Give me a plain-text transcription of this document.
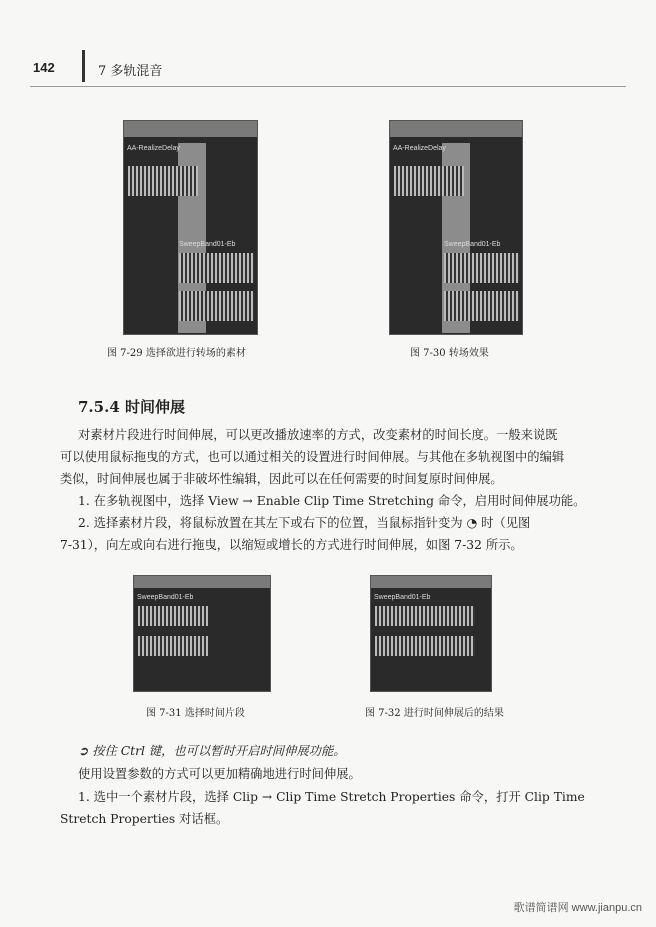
142	7 多轨混音
AA-RealizeDelay
SweepBand01-Eb
图 7-29 选择欲进行转场的素材
AA-RealizeDelay
SweepBand01-Eb
图 7-30 转场效果
7.5.4 时间伸展
对素材片段进行时间伸展，可以更改播放速率的方式，改变素材的时间长度。一般来说既
可以使用鼠标拖曳的方式，也可以通过相关的设置进行时间伸展。与其他在多轨视图中的编辑
类似，时间伸展也属于非破坏性编辑，因此可以在任何需要的时间复原时间伸展。
1. 在多轨视图中，选择 View → Enable Clip Time Stretching 命令，启用时间伸展功能。
2. 选择素材片段，将鼠标放置在其左下或右下的位置，当鼠标指针变为 ◔ 时（见图
7-31），向左或向右进行拖曳，以缩短或增长的方式进行时间伸展，如图 7-32 所示。
SweepBand01-Eb
图 7-31 选择时间片段
SweepBand01-Eb
图 7-32 进行时间伸展后的结果
➲ 按住 Ctrl 键，也可以暂时开启时间伸展功能。
使用设置参数的方式可以更加精确地进行时间伸展。
1. 选中一个素材片段，选择 Clip → Clip Time Stretch Properties 命令，打开 Clip Time
Stretch Properties 对话框。
歌谱简谱网 www.jianpu.cn
